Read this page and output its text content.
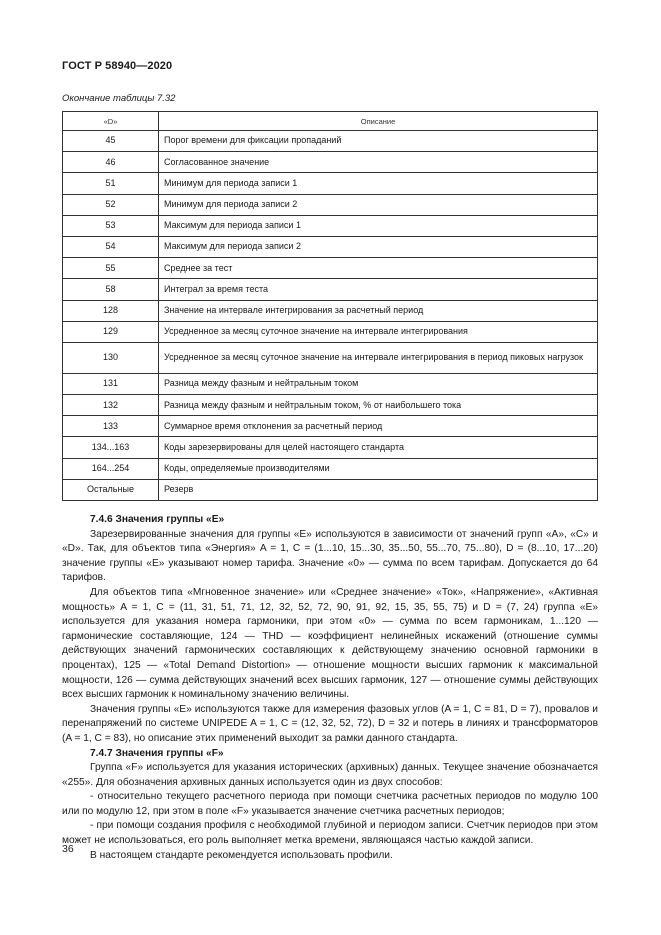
ГОСТ Р 58940—2020
Окончание таблицы 7.32
«D»	Описание
45	Порог времени для фиксации пропаданий
46	Согласованное значение
51	Минимум для периода записи 1
52	Минимум для периода записи 2
53	Максимум для периода записи 1
54	Максимум для периода записи 2
55	Среднее за тест
58	Интеграл за время теста
128	Значение на интервале интегрирования за расчетный период
129	Усредненное за месяц суточное значение на интервале интегрирования
130	Усредненное за месяц суточное значение на интервале интегрирования в период пиковых нагрузок
131	Разница между фазным и нейтральным током
132	Разница между фазным и нейтральным током, % от наибольшего тока
133	Суммарное время отклонения за расчетный период
134...163	Коды зарезервированы для целей настоящего стандарта
164...254	Коды, определяемые производителями
Остальные	Резерв

7.4.6 Значения группы «E»

Зарезервированные значения для группы «E» используются в зависимости от значений групп «A», «C» и «D». Так, для объектов типа «Энергия» A = 1, C = (1...10, 15...30, 35...50, 55...70, 75...80), D = (8...10, 17...20) значение группы «E» указывают номер тарифа. Значение «0» — сумма по всем тарифам. Допускается до 64 тарифов.

Для объектов типа «Мгновенное значение» или «Среднее значение» «Ток», «Напряжение», «Активная мощность» A = 1, C = (11, 31, 51, 71, 12, 32, 52, 72, 90, 91, 92, 15, 35, 55, 75) и D = (7, 24) группа «E» используется для указания номера гармоники, при этом «0» — сумма по всем гармоникам, 1...120 — гармонические составляющие, 124 — THD — коэффициент нелинейных искажений (отношение суммы действующих значений гармонических составляющих к действующему значению основной гармоники в процентах), 125 — «Total Demand Distortion» — отношение мощности высших гармоник к максимальной мощности, 126 — сумма действующих значений всех высших гармоник, 127 — отношение суммы действующих всех высших гармоник к номинальному значению величины.

Значения группы «E» используются также для измерения фазовых углов (A = 1, C = 81, D = 7), провалов и перенапряжений по системе UNIPEDE A = 1, C = (12, 32, 52, 72), D = 32 и потерь в линиях и трансформаторов (A = 1, C = 83), но описание этих применений выходит за рамки данного стандарта.

7.4.7 Значения группы «F»

Группа «F» используется для указания исторических (архивных) данных. Текущее значение обозначается «255». Для обозначения архивных данных используется один из двух способов:

- относительно текущего расчетного периода при помощи счетчика расчетных периодов по модулю 100 или по модулю 12, при этом в поле «F» указывается значение счетчика расчетных периодов;

- при помощи создания профиля с необходимой глубиной и периодом записи. Счетчик периодов при этом может не использоваться, его роль выполняет метка времени, являющаяся частью каждой записи.

В настоящем стандарте рекомендуется использовать профили.

36
